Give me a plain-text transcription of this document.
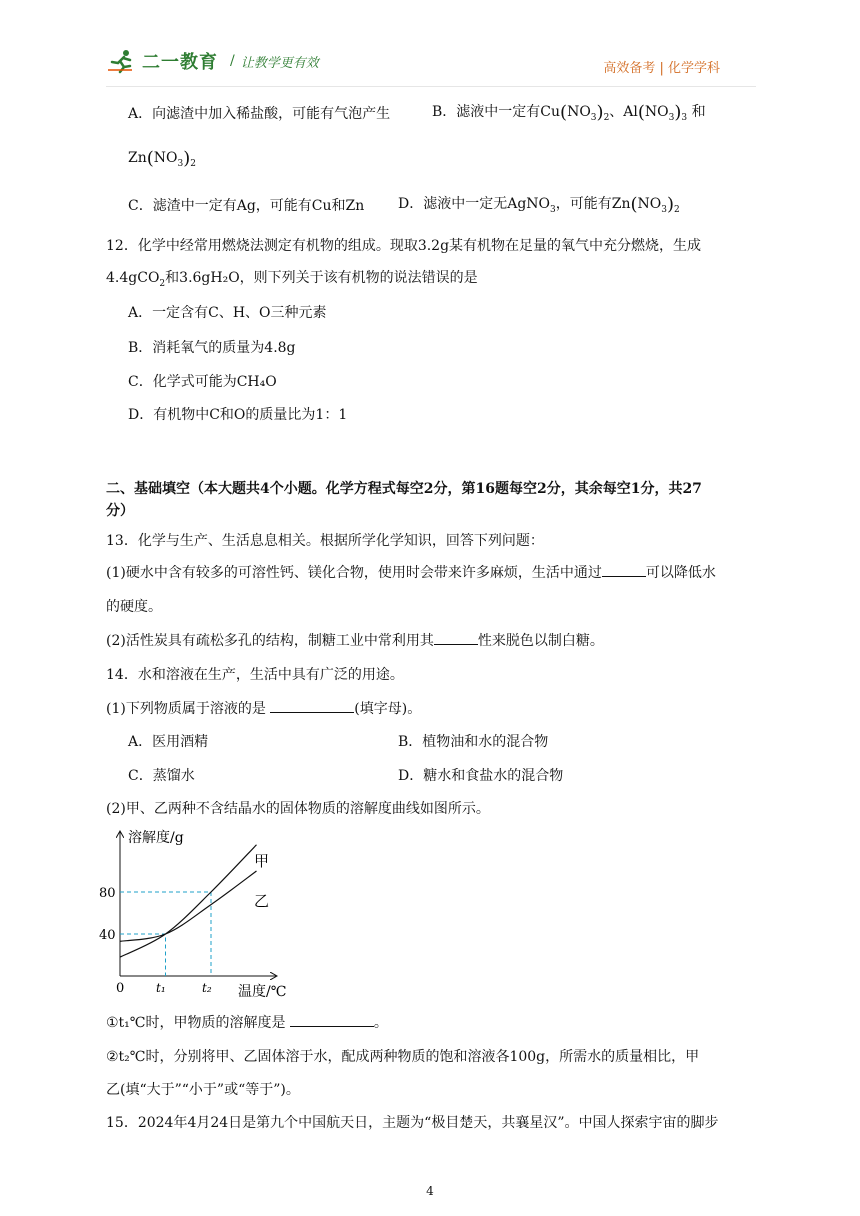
二一教育 / 让教学更有效	高效备考 | 化学学科
A．向滤渣中加入稀盐酸，可能有气泡产生	B．滤液中一定有$Cu(NO_3)_2$、$Al(NO_3)_3$ 和
$Zn(NO_3)_2$
C．滤渣中一定有Ag，可能有Cu和Zn D．滤液中一定无AgNO$_3$，可能有$Zn(NO_3)_2$
12．化学中经常用燃烧法测定有机物的组成。现取3.2g某有机物在足量的氧气中充分燃烧，生成
4.4gCO$_2$和3.6gH₂O，则下列关于该有机物的说法错误的是
A．一定含有C、H、O三种元素
B．消耗氧气的质量为4.8g
C．化学式可能为CH₄O
D．有机物中C和O的质量比为1：1
二、基础填空（本大题共4个小题。化学方程式每空2分，第16题每空2分，其余每空1分，共27
分）
13．化学与生产、生活息息相关。根据所学化学知识，回答下列问题：
(1)硬水中含有较多的可溶性钙、镁化合物，使用时会带来许多麻烦，生活中通过	可以降低水
的硬度。
(2)活性炭具有疏松多孔的结构，制糖工业中常利用其	性来脱色以制白糖。
14．水和溶液在生产，生活中具有广泛的用途。
(1)下列物质属于溶液的是	(填字母)。
A．医用酒精	B．植物油和水的混合物
C．蒸馏水	D．糖水和食盐水的混合物
(2)甲、乙两种不含结晶水的固体物质的溶解度曲线如图所示。
溶解度/g
温度/℃
0
80
40
t₁	t₂
甲
乙
①t₁℃时，甲物质的溶解度是	。
②t₂℃时，分别将甲、乙固体溶于水，配成两种物质的饱和溶液各100g，所需水的质量相比，甲
乙(填“大于”“小于”或“等于”)。
15．2024年4月24日是第九个中国航天日，主题为“极目楚天，共襄星汉”。中国人探索宇宙的脚步
4
